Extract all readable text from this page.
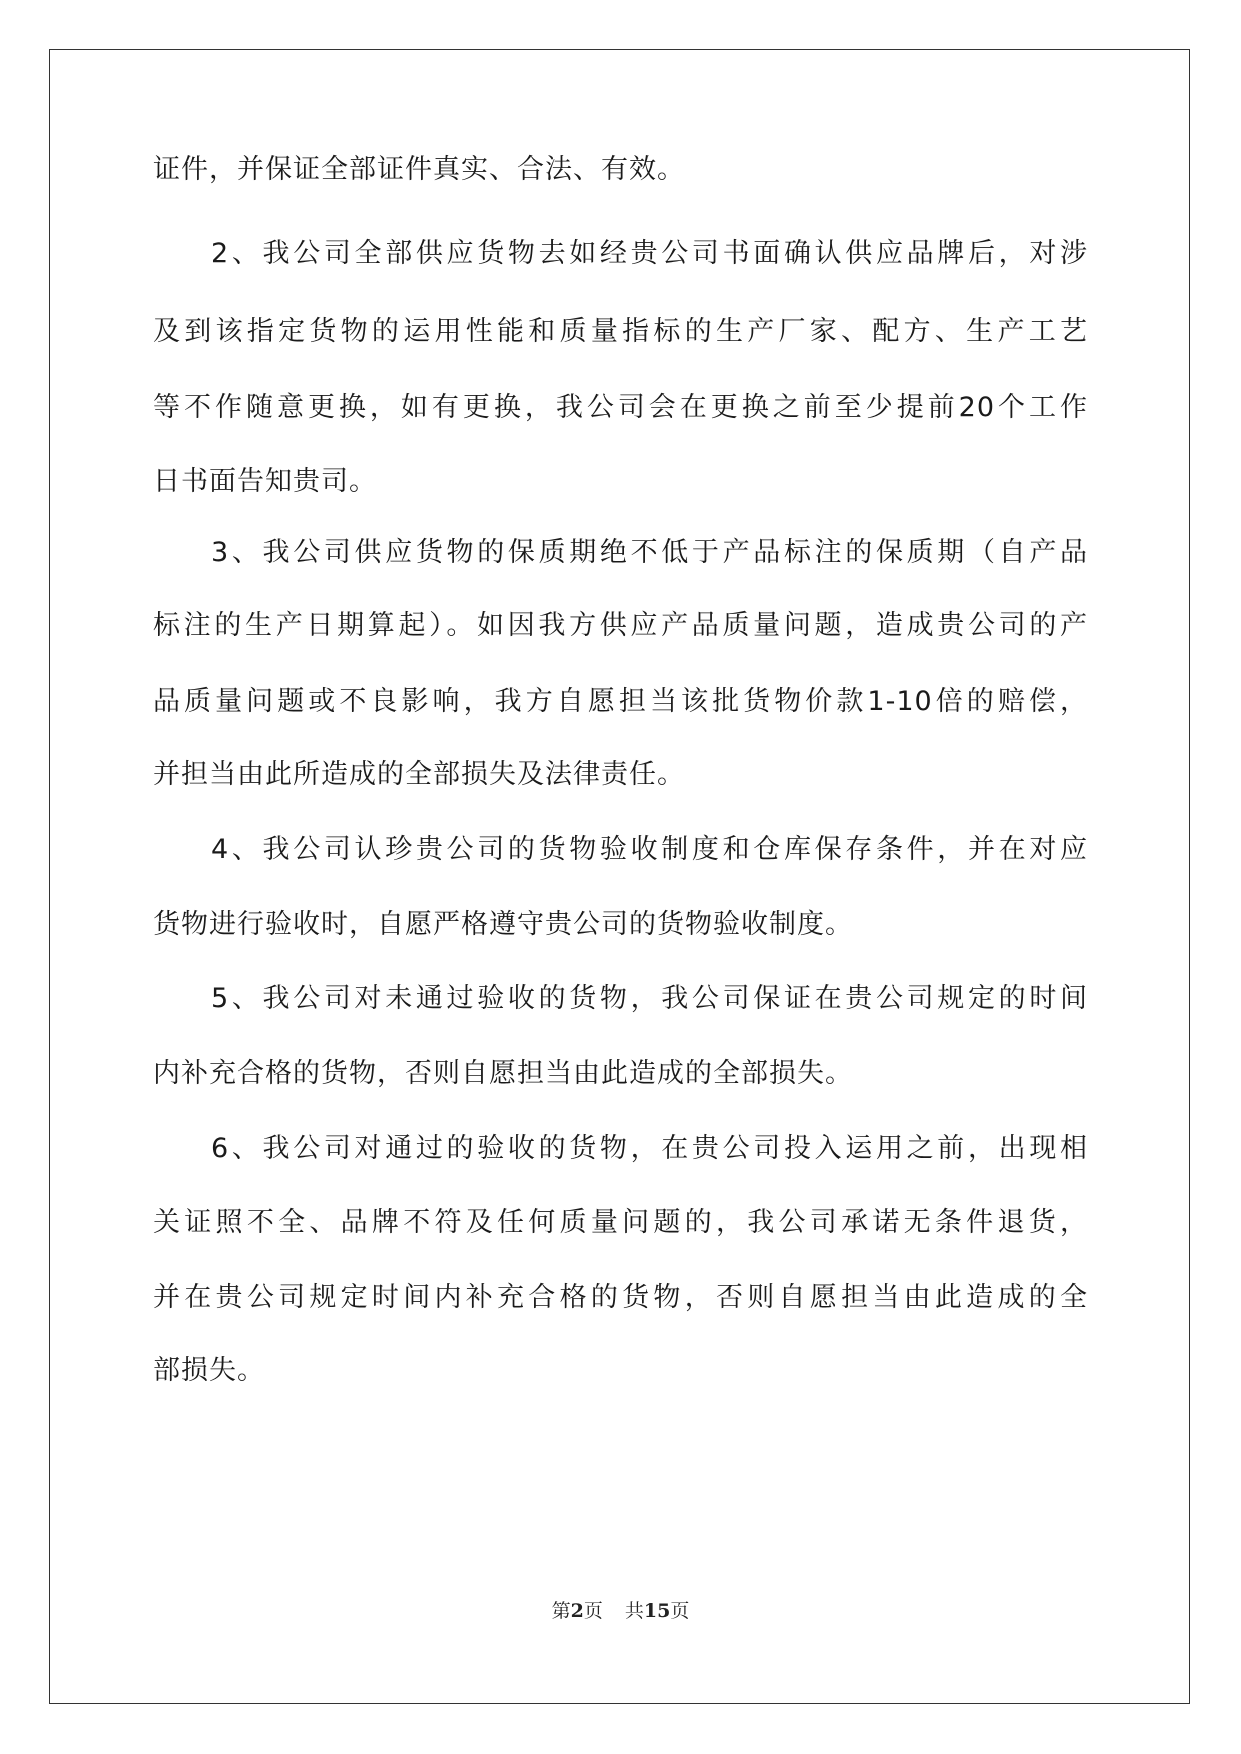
证件，并保证全部证件真实、合法、有效。
2、我公司全部供应货物去如经贵公司书面确认供应品牌后，对涉
及到该指定货物的运用性能和质量指标的生产厂家、配方、生产工艺
等不作随意更换，如有更换，我公司会在更换之前至少提前20个工作
日书面告知贵司。
3、我公司供应货物的保质期绝不低于产品标注的保质期（自产品
标注的生产日期算起）。如因我方供应产品质量问题，造成贵公司的产
品质量问题或不良影响，我方自愿担当该批货物价款1-10倍的赔偿，
并担当由此所造成的全部损失及法律责任。
4、我公司认珍贵公司的货物验收制度和仓库保存条件，并在对应
货物进行验收时，自愿严格遵守贵公司的货物验收制度。
5、我公司对未通过验收的货物，我公司保证在贵公司规定的时间
内补充合格的货物，否则自愿担当由此造成的全部损失。
6、我公司对通过的验收的货物，在贵公司投入运用之前，出现相
关证照不全、品牌不符及任何质量问题的，我公司承诺无条件退货，
并在贵公司规定时间内补充合格的货物，否则自愿担当由此造成的全
部损失。
第2页 共15页
